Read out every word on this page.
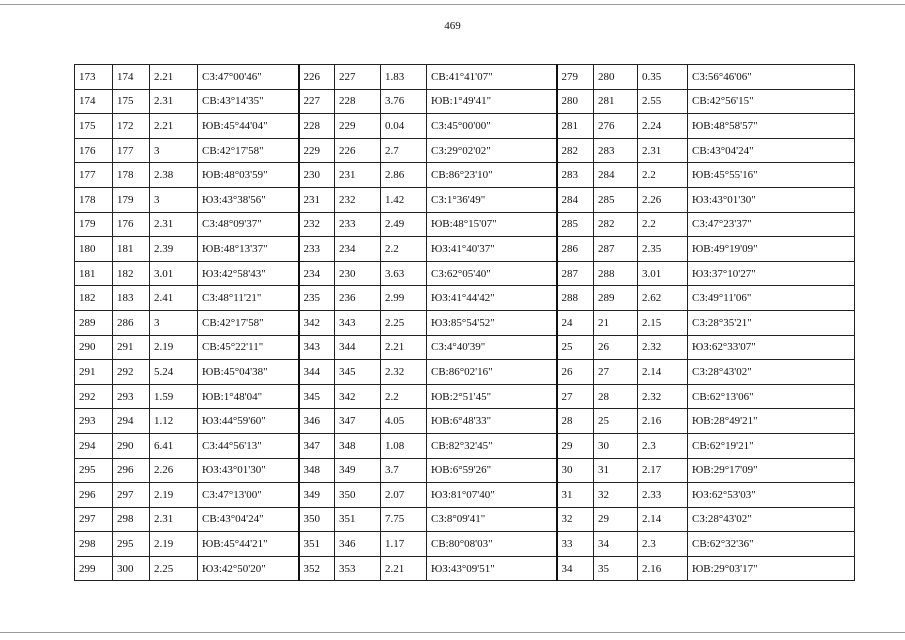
469
173	174	2.21	СЗ:47°00'46"	226	227	1.83	СВ:41°41'07"	279	280	0.35	СЗ:56°46'06"
174	175	2.31	СВ:43°14'35"	227	228	3.76	ЮВ:1°49'41"	280	281	2.55	СВ:42°56'15"
175	172	2.21	ЮВ:45°44'04"	228	229	0.04	СЗ:45°00'00"	281	276	2.24	ЮВ:48°58'57"
176	177	3	СВ:42°17'58"	229	226	2.7	СЗ:29°02'02"	282	283	2.31	СВ:43°04'24"
177	178	2.38	ЮВ:48°03'59"	230	231	2.86	СВ:86°23'10"	283	284	2.2	ЮВ:45°55'16"
178	179	3	ЮЗ:43°38'56"	231	232	1.42	СЗ:1°36'49"	284	285	2.26	ЮЗ:43°01'30"
179	176	2.31	СЗ:48°09'37"	232	233	2.49	ЮВ:48°15'07"	285	282	2.2	СЗ:47°23'37"
180	181	2.39	ЮВ:48°13'37"	233	234	2.2	ЮЗ:41°40'37"	286	287	2.35	ЮВ:49°19'09"
181	182	3.01	ЮЗ:42°58'43"	234	230	3.63	СЗ:62°05'40"	287	288	3.01	ЮЗ:37°10'27"
182	183	2.41	СЗ:48°11'21"	235	236	2.99	ЮЗ:41°44'42"	288	289	2.62	СЗ:49°11'06"
289	286	3	СВ:42°17'58"	342	343	2.25	ЮЗ:85°54'52"	24	21	2.15	СЗ:28°35'21"
290	291	2.19	СВ:45°22'11"	343	344	2.21	СЗ:4°40'39"	25	26	2.32	ЮЗ:62°33'07"
291	292	5.24	ЮВ:45°04'38"	344	345	2.32	СВ:86°02'16"	26	27	2.14	СЗ:28°43'02"
292	293	1.59	ЮВ:1°48'04"	345	342	2.2	ЮВ:2°51'45"	27	28	2.32	СВ:62°13'06"
293	294	1.12	ЮЗ:44°59'60"	346	347	4.05	ЮВ:6°48'33"	28	25	2.16	ЮВ:28°49'21"
294	290	6.41	СЗ:44°56'13"	347	348	1.08	СВ:82°32'45"	29	30	2.3	СВ:62°19'21"
295	296	2.26	ЮЗ:43°01'30"	348	349	3.7	ЮВ:6°59'26"	30	31	2.17	ЮВ:29°17'09"
296	297	2.19	СЗ:47°13'00"	349	350	2.07	ЮЗ:81°07'40"	31	32	2.33	ЮЗ:62°53'03"
297	298	2.31	СВ:43°04'24"	350	351	7.75	СЗ:8°09'41"	32	29	2.14	СЗ:28°43'02"
298	295	2.19	ЮВ:45°44'21"	351	346	1.17	СВ:80°08'03"	33	34	2.3	СВ:62°32'36"
299	300	2.25	ЮЗ:42°50'20"	352	353	2.21	ЮЗ:43°09'51"	34	35	2.16	ЮВ:29°03'17"
